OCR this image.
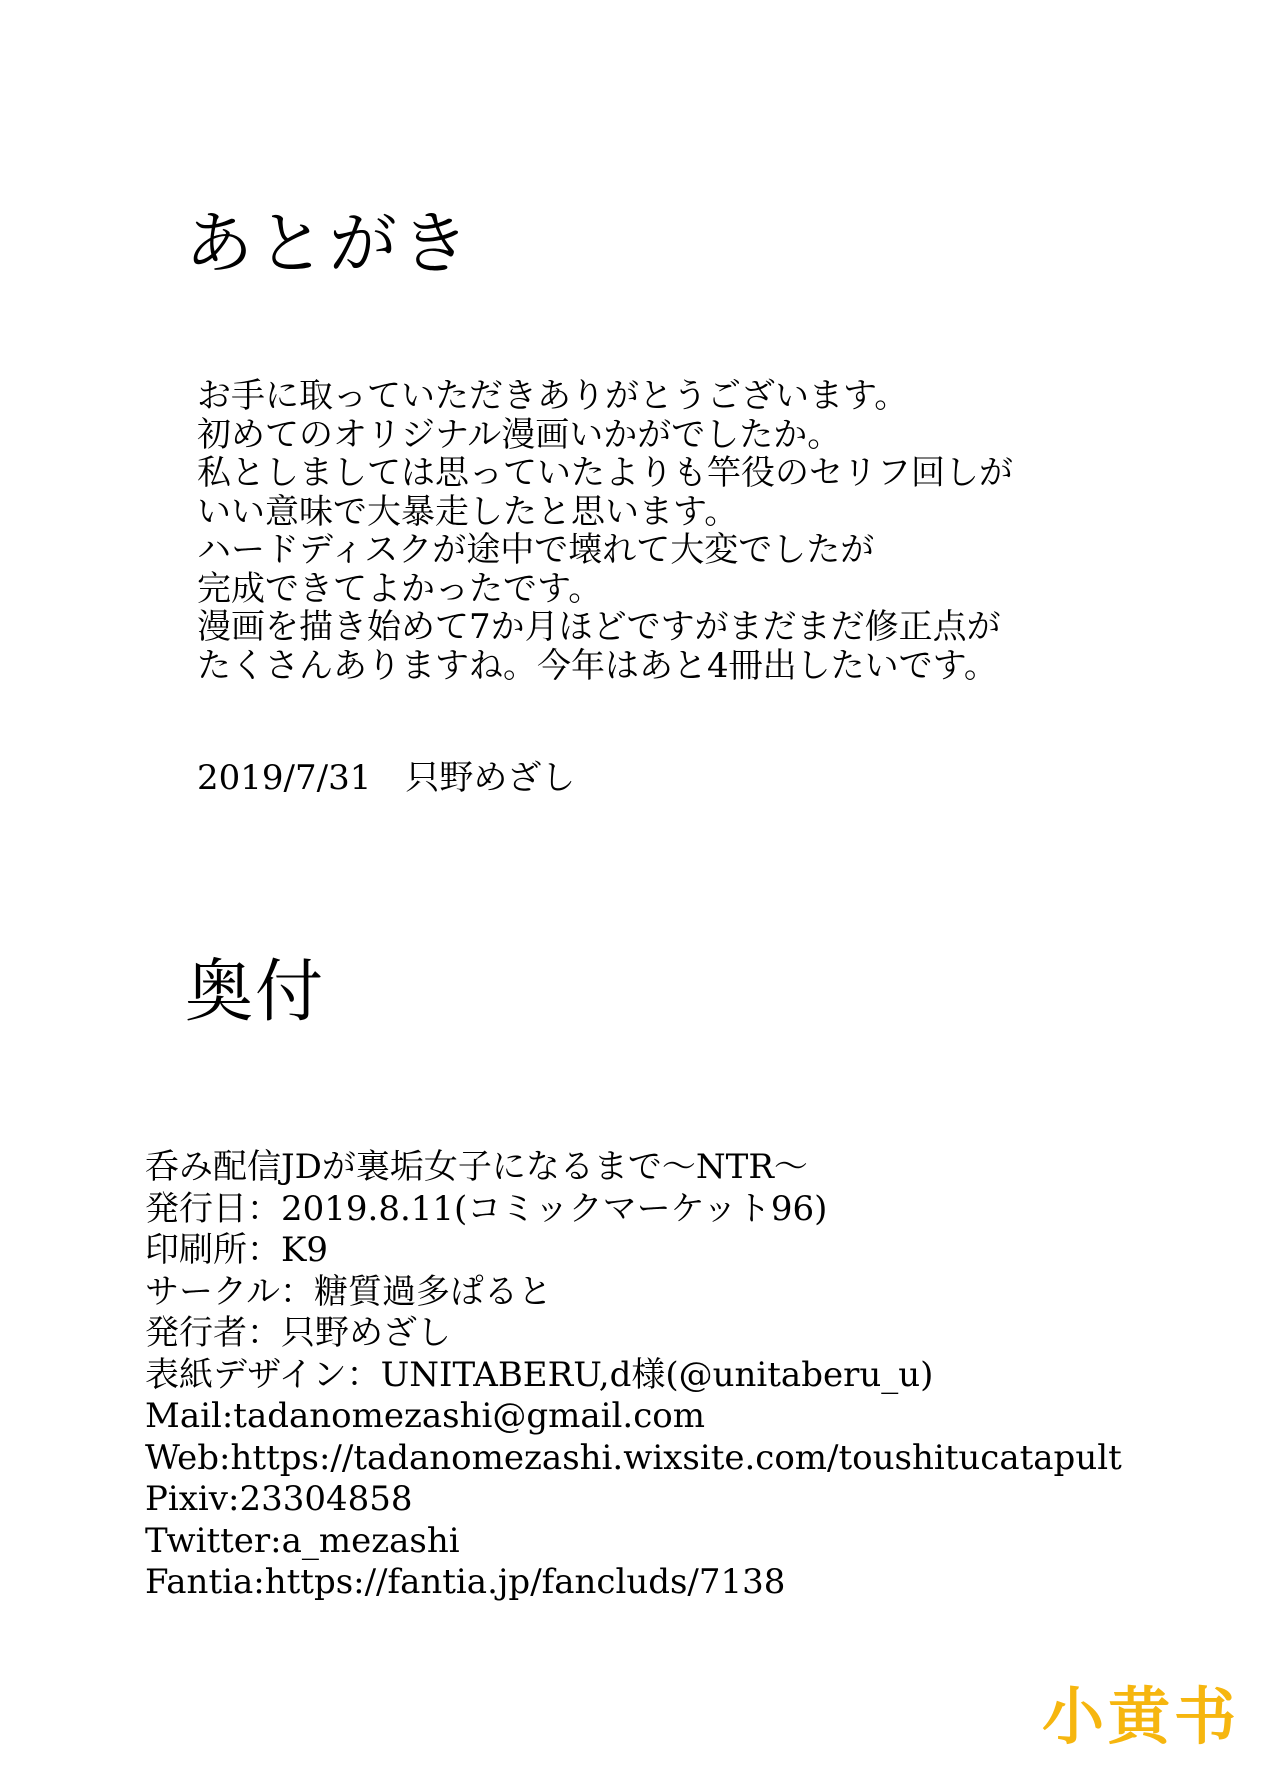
あとがき
お手に取っていただきありがとうございます。
初めてのオリジナル漫画いかがでしたか。
私としましては思っていたよりも竿役のセリフ回しが
いい意味で大暴走したと思います。
ハードディスクが途中で壊れて大変でしたが
完成できてよかったです。
漫画を描き始めて7か月ほどですがまだまだ修正点が
たくさんありますね。今年はあと4冊出したいです。
2019/7/31　只野めざし
奥付
呑み配信JDが裏垢女子になるまで～NTR～
発行日：2019.8.11(コミックマーケット96)
印刷所：K9
サークル：糖質過多ぱると
発行者：只野めざし
表紙デザイン：UNITABERU,d様(@unitaberu_u)
Mail:tadanomezashi@gmail.com
Web:https://tadanomezashi.wixsite.com/toushitucatapult
Pixiv:23304858
Twitter:a_mezashi
Fantia:https://fantia.jp/fancluds/7138
小黄书
